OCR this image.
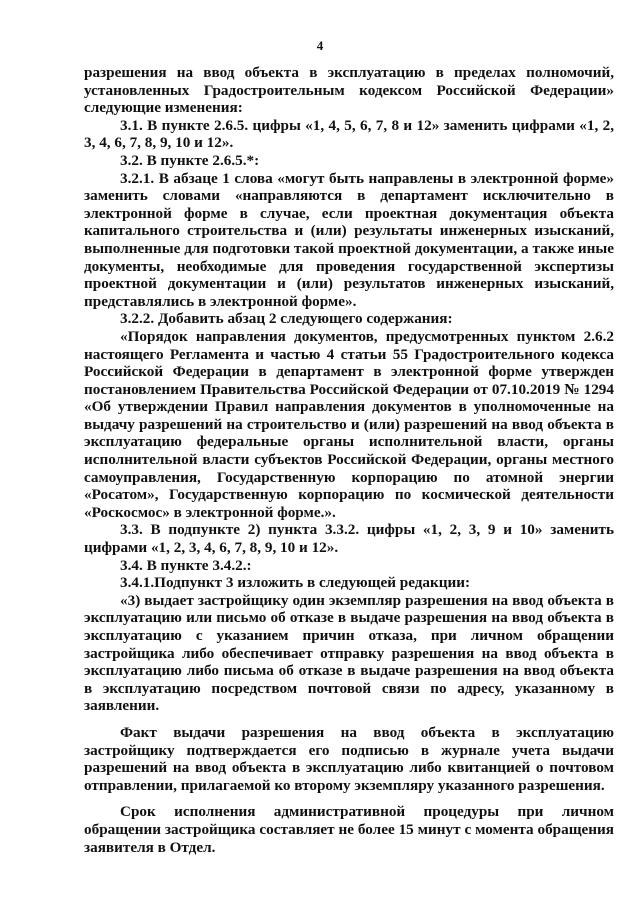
4

разрешения на ввод объекта в эксплуатацию в пределах полномочий, установленных Градостроительным кодексом Российской Федерации» следующие изменения:

3.1. В пункте 2.6.5. цифры «1, 4, 5, 6, 7, 8 и 12» заменить цифрами «1, 2, 3, 4, 6, 7, 8, 9, 10 и 12».

3.2. В пункте 2.6.5.*:

3.2.1. В абзаце 1 слова «могут быть направлены в электронной форме» заменить словами «направляются в департамент исключительно в электронной форме в случае, если проектная документация объекта капитального строительства и (или) результаты инженерных изысканий, выполненные для подготовки такой проектной документации, а также иные документы, необходимые для проведения государственной экспертизы проектной документации и (или) результатов инженерных изысканий, представлялись в электронной форме».

3.2.2. Добавить абзац 2 следующего содержания:

«Порядок направления документов, предусмотренных пунктом 2.6.2 настоящего Регламента и частью 4 статьи 55 Градостроительного кодекса Российской Федерации в департамент в электронной форме утвержден постановлением Правительства Российской Федерации от 07.10.2019 № 1294 «Об утверждении Правил направления документов в уполномоченные на выдачу разрешений на строительство и (или) разрешений на ввод объекта в эксплуатацию федеральные органы исполнительной власти, органы исполнительной власти субъектов Российской Федерации, органы местного самоуправления, Государственную корпорацию по атомной энергии «Росатом», Государственную корпорацию по космической деятельности «Роскосмос» в электронной форме.».

3.3. В подпункте 2) пункта 3.3.2. цифры «1, 2, 3, 9 и 10» заменить цифрами «1, 2, 3, 4, 6, 7, 8, 9, 10 и 12».

3.4. В пункте 3.4.2.:

3.4.1.Подпункт 3 изложить в следующей редакции:

«3) выдает застройщику один экземпляр разрешения на ввод объекта в эксплуатацию или письмо об отказе в выдаче разрешения на ввод объекта в эксплуатацию с указанием причин отказа, при личном обращении застройщика либо обеспечивает отправку разрешения на ввод объекта в эксплуатацию либо письма об отказе в выдаче разрешения на ввод объекта в эксплуатацию посредством почтовой связи по адресу, указанному в заявлении.

Факт выдачи разрешения на ввод объекта в эксплуатацию застройщику подтверждается его подписью в журнале учета выдачи разрешений на ввод объекта в эксплуатацию либо квитанцией о почтовом отправлении, прилагаемой ко второму экземпляру указанного разрешения.

Срок исполнения административной процедуры при личном обращении застройщика составляет не более 15 минут с момента обращения заявителя в Отдел.
